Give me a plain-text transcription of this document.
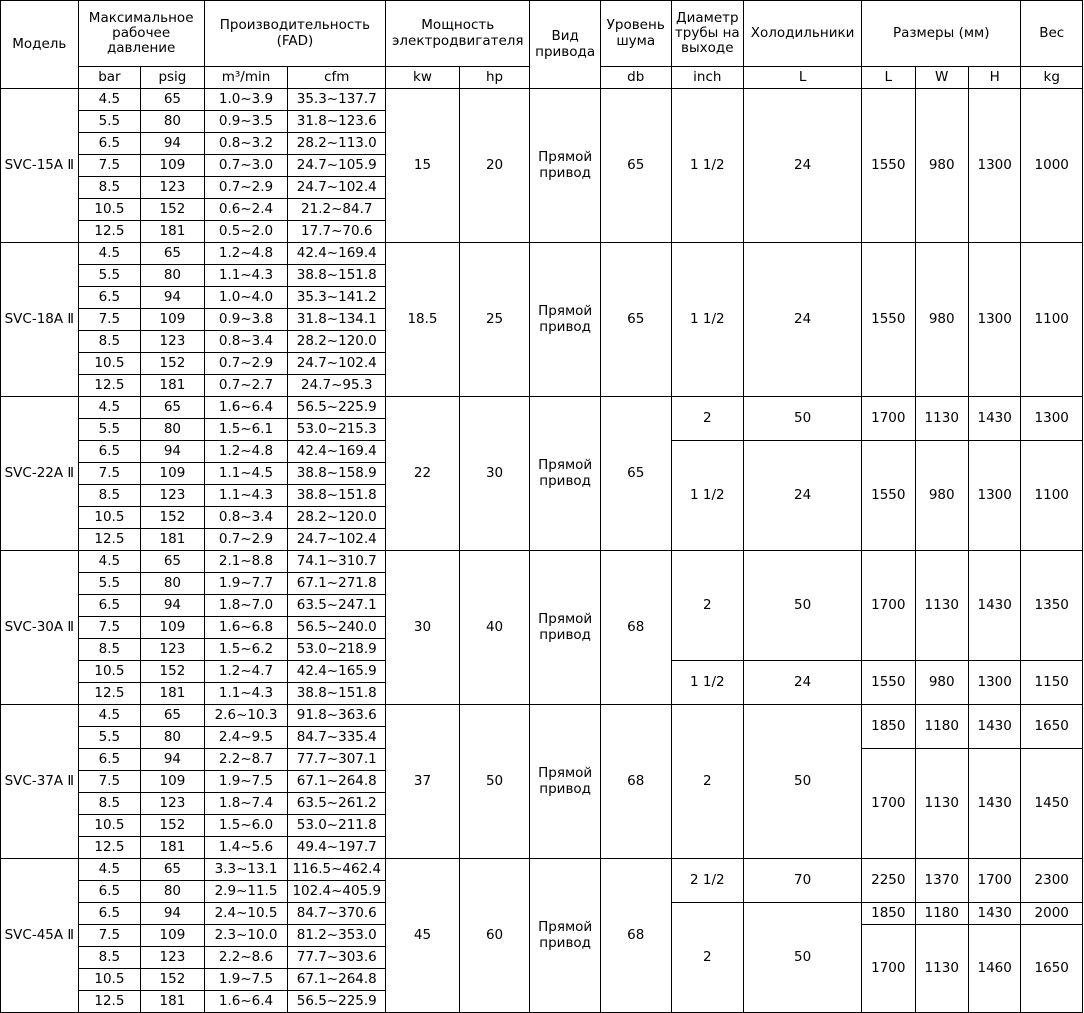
Модель	Максимальное рабочее давление		Производительность (FAD)		Мощность электродвигателя		Вид привода	Уровень шума	Диаметр трубы на выходе	Холодильники	Размеры (мм)			Вес
	bar	psig	m³/min	cfm	kw	hp		db	inch	L	L	W	H	kg
SVC-15A Ⅱ	4.5	65	1.0~3.9	35.3~137.7	15	20	Прямой привод	65	1 1/2	24	1550	980	1300	1000
	5.5	80	0.9~3.5	31.8~123.6										
	6.5	94	0.8~3.2	28.2~113.0										
	7.5	109	0.7~3.0	24.7~105.9										
	8.5	123	0.7~2.9	24.7~102.4										
	10.5	152	0.6~2.4	21.2~84.7										
	12.5	181	0.5~2.0	17.7~70.6										
SVC-18A Ⅱ	4.5	65	1.2~4.8	42.4~169.4	18.5	25	Прямой привод	65	1 1/2	24	1550	980	1300	1100
	5.5	80	1.1~4.3	38.8~151.8										
	6.5	94	1.0~4.0	35.3~141.2										
	7.5	109	0.9~3.8	31.8~134.1										
	8.5	123	0.8~3.4	28.2~120.0										
	10.5	152	0.7~2.9	24.7~102.4										
	12.5	181	0.7~2.7	24.7~95.3										
SVC-22A Ⅱ	4.5	65	1.6~6.4	56.5~225.9	22	30	Прямой привод	65	2	50	1700	1130	1430	1300
	5.5	80	1.5~6.1	53.0~215.3										
	6.5	94	1.2~4.8	42.4~169.4					1 1/2	24	1550	980	1300	1100
	7.5	109	1.1~4.5	38.8~158.9										
	8.5	123	1.1~4.3	38.8~151.8										
	10.5	152	0.8~3.4	28.2~120.0										
	12.5	181	0.7~2.9	24.7~102.4										
SVC-30A Ⅱ	4.5	65	2.1~8.8	74.1~310.7	30	40	Прямой привод	68	2	50	1700	1130	1430	1350
	5.5	80	1.9~7.7	67.1~271.8										
	6.5	94	1.8~7.0	63.5~247.1										
	7.5	109	1.6~6.8	56.5~240.0										
	8.5	123	1.5~6.2	53.0~218.9										
	10.5	152	1.2~4.7	42.4~165.9					1 1/2	24	1550	980	1300	1150
	12.5	181	1.1~4.3	38.8~151.8										
SVC-37A Ⅱ	4.5	65	2.6~10.3	91.8~363.6	37	50	Прямой привод	68	2	50	1850	1180	1430	1650
	5.5	80	2.4~9.5	84.7~335.4										
	6.5	94	2.2~8.7	77.7~307.1							1700	1130	1430	1450
	7.5	109	1.9~7.5	67.1~264.8										
	8.5	123	1.8~7.4	63.5~261.2										
	10.5	152	1.5~6.0	53.0~211.8										
	12.5	181	1.4~5.6	49.4~197.7										
SVC-45A Ⅱ	4.5	65	3.3~13.1	116.5~462.4	45	60	Прямой привод	68	2 1/2	70	2250	1370	1700	2300
	6.5	80	2.9~11.5	102.4~405.9										
	6.5	94	2.4~10.5	84.7~370.6					2	50	1850	1180	1430	2000
	7.5	109	2.3~10.0	81.2~353.0							1700	1130	1460	1650
	8.5	123	2.2~8.6	77.7~303.6										
	10.5	152	1.9~7.5	67.1~264.8										
	12.5	181	1.6~6.4	56.5~225.9										
